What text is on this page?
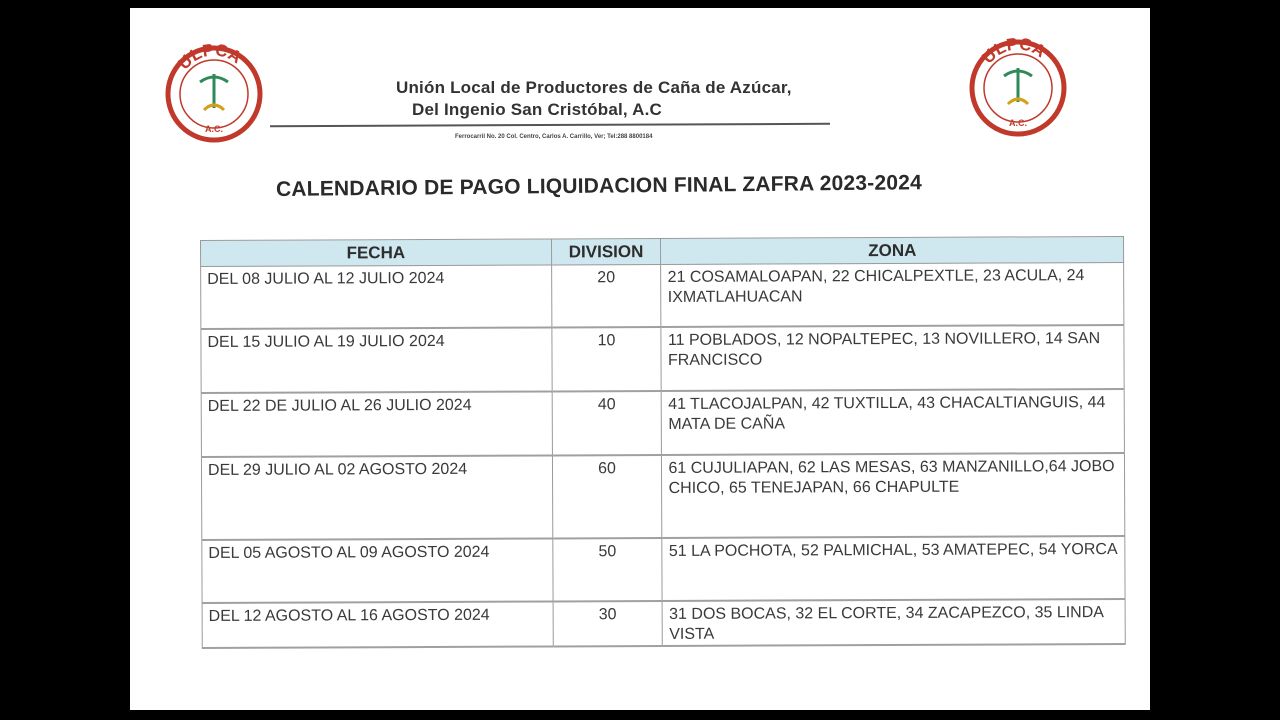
ULPCA
A.C.
ULPCA
A.C.
Unión Local de Productores de Caña de Azúcar,
Del Ingenio San Cristóbal, A.C
Ferrocarril No. 20 Col. Centro, Carlos A. Carrillo, Ver; Tel:288 8800184
CALENDARIO DE PAGO LIQUIDACION FINAL ZAFRA 2023-2024
FECHA	DIVISION	ZONA
DEL 08 JULIO AL 12 JULIO 2024	20	21 COSAMALOAPAN, 22 CHICALPEXTLE, 23 ACULA, 24 IXMATLAHUACAN
DEL 15 JULIO AL 19 JULIO 2024	10	11 POBLADOS, 12 NOPALTEPEC, 13 NOVILLERO, 14 SAN FRANCISCO
DEL 22 DE JULIO AL 26 JULIO 2024	40	41 TLACOJALPAN, 42 TUXTILLA, 43 CHACALTIANGUIS, 44 MATA DE CAÑA
DEL 29 JULIO AL 02 AGOSTO 2024	60	61 CUJULIAPAN, 62 LAS MESAS, 63 MANZANILLO,64 JOBO CHICO, 65 TENEJAPAN, 66 CHAPULTE
DEL 05 AGOSTO AL 09 AGOSTO 2024	50	51 LA POCHOTA, 52 PALMICHAL, 53 AMATEPEC, 54 YORCA
DEL 12 AGOSTO AL 16 AGOSTO 2024	30	31 DOS BOCAS, 32 EL CORTE, 34 ZACAPEZCO, 35 LINDA VISTA
